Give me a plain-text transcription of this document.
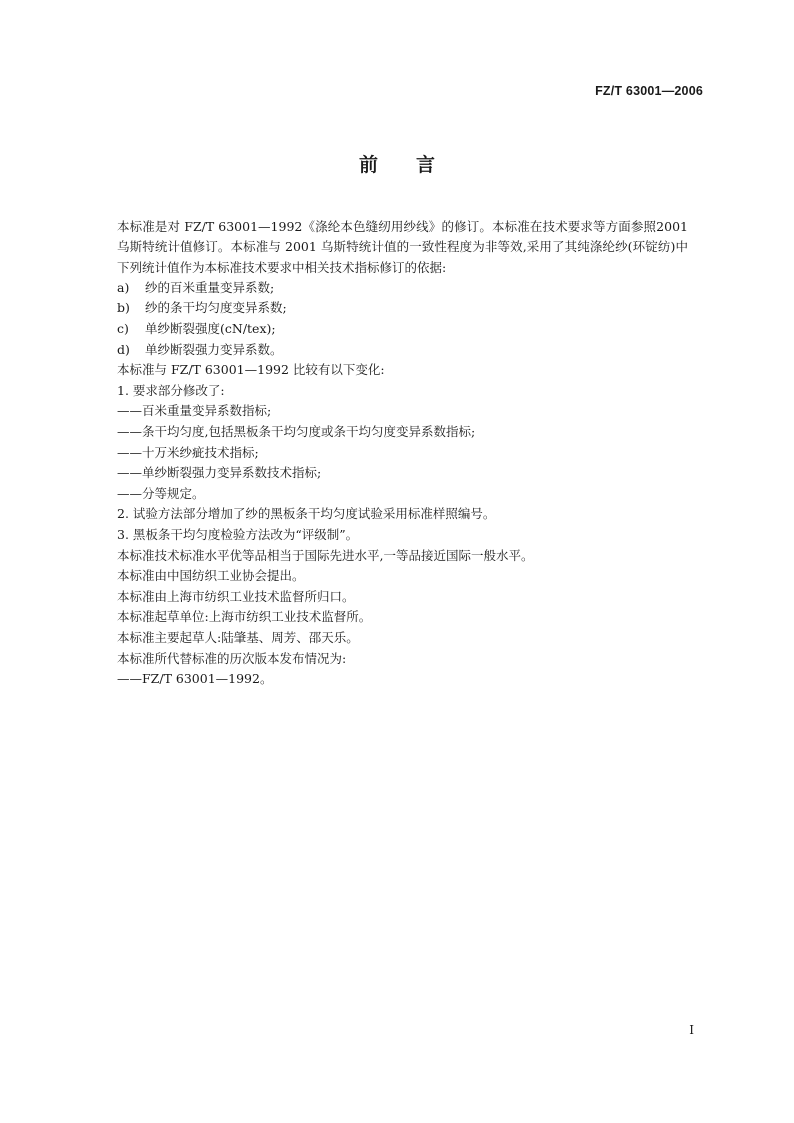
FZ/T 63001—2006
前言

本标准是对 FZ/T 63001—1992《涤纶本色缝纫用纱线》的修订。本标准在技术要求等方面参照2001 乌斯特统计值修订。本标准与 2001 乌斯特统计值的一致性程度为非等效,采用了其纯涤纶纱(环锭纺)中下列统计值作为本标准技术要求中相关技术指标修订的依据:

a) 纱的百米重量变异系数;
b) 纱的条干均匀度变异系数;
c) 单纱断裂强度(cN/tex);
d) 单纱断裂强力变异系数。
本标准与 FZ/T 63001—1992 比较有以下变化:
1. 要求部分修改了:
——百米重量变异系数指标;
——条干均匀度,包括黑板条干均匀度或条干均匀度变异系数指标;
——十万米纱疵技术指标;
——单纱断裂强力变异系数技术指标;
——分等规定。
2. 试验方法部分增加了纱的黑板条干均匀度试验采用标准样照编号。
3. 黑板条干均匀度检验方法改为“评级制”。
本标准技术标准水平优等品相当于国际先进水平,一等品接近国际一般水平。
本标准由中国纺织工业协会提出。
本标准由上海市纺织工业技术监督所归口。
本标准起草单位:上海市纺织工业技术监督所。
本标准主要起草人:陆肇基、周芳、邵天乐。
本标准所代替标准的历次版本发布情况为:
——FZ/T 63001—1992。
I
